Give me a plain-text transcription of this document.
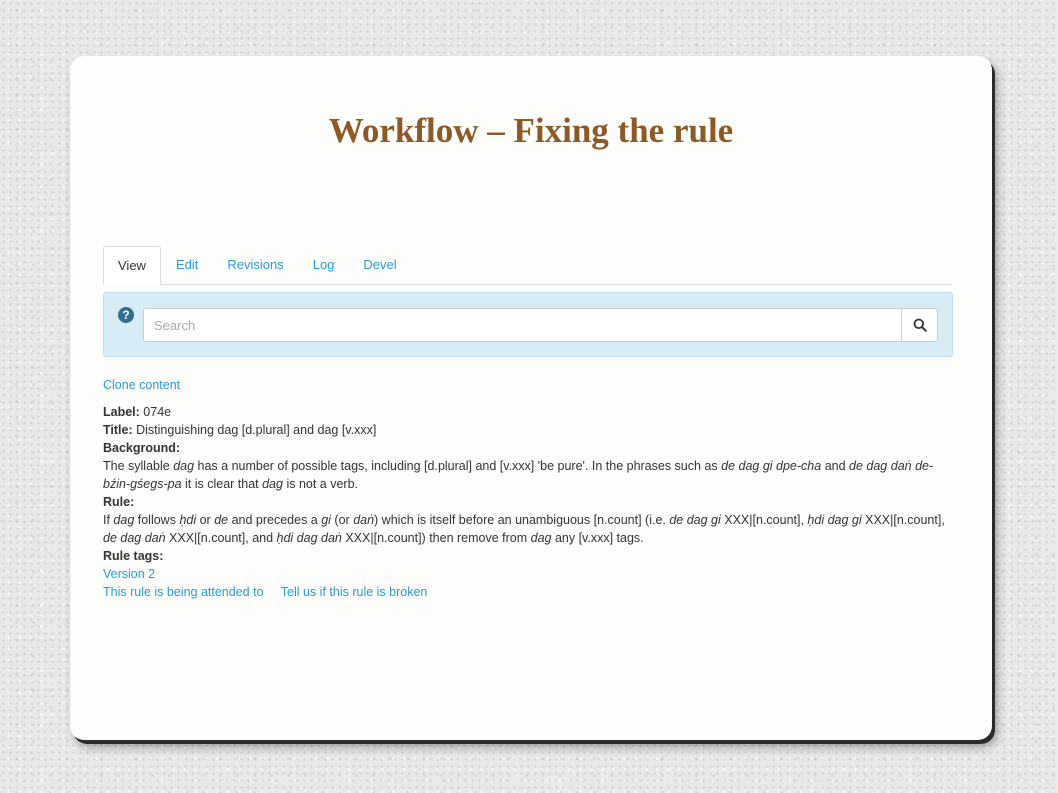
Workflow – Fixing the rule
View	Edit	Revisions	Log	Devel
?
Search
Clone content
Label: 074e
Title: Distinguishing dag [d.plural] and dag [v.xxx]
Background:
The syllable dag has a number of possible tags, including [d.plural] and [v.xxx] 'be pure'. In the phrases such as de dag gi dpe-cha and de dag daṅ de-bźin-gśegs-pa it is clear that dag is not a verb.
Rule:
If dag follows ḥdi or de and precedes a gi (or daṅ) which is itself before an unambiguous [n.count] (i.e. de dag gi XXX|[n.count], ḥdi dag gi XXX|[n.count], de dag daṅ XXX|[n.count], and ḥdi dag daṅ XXX|[n.count]) then remove from dag any [v.xxx] tags.
Rule tags:
Version 2
This rule is being attended to Tell us if this rule is broken
